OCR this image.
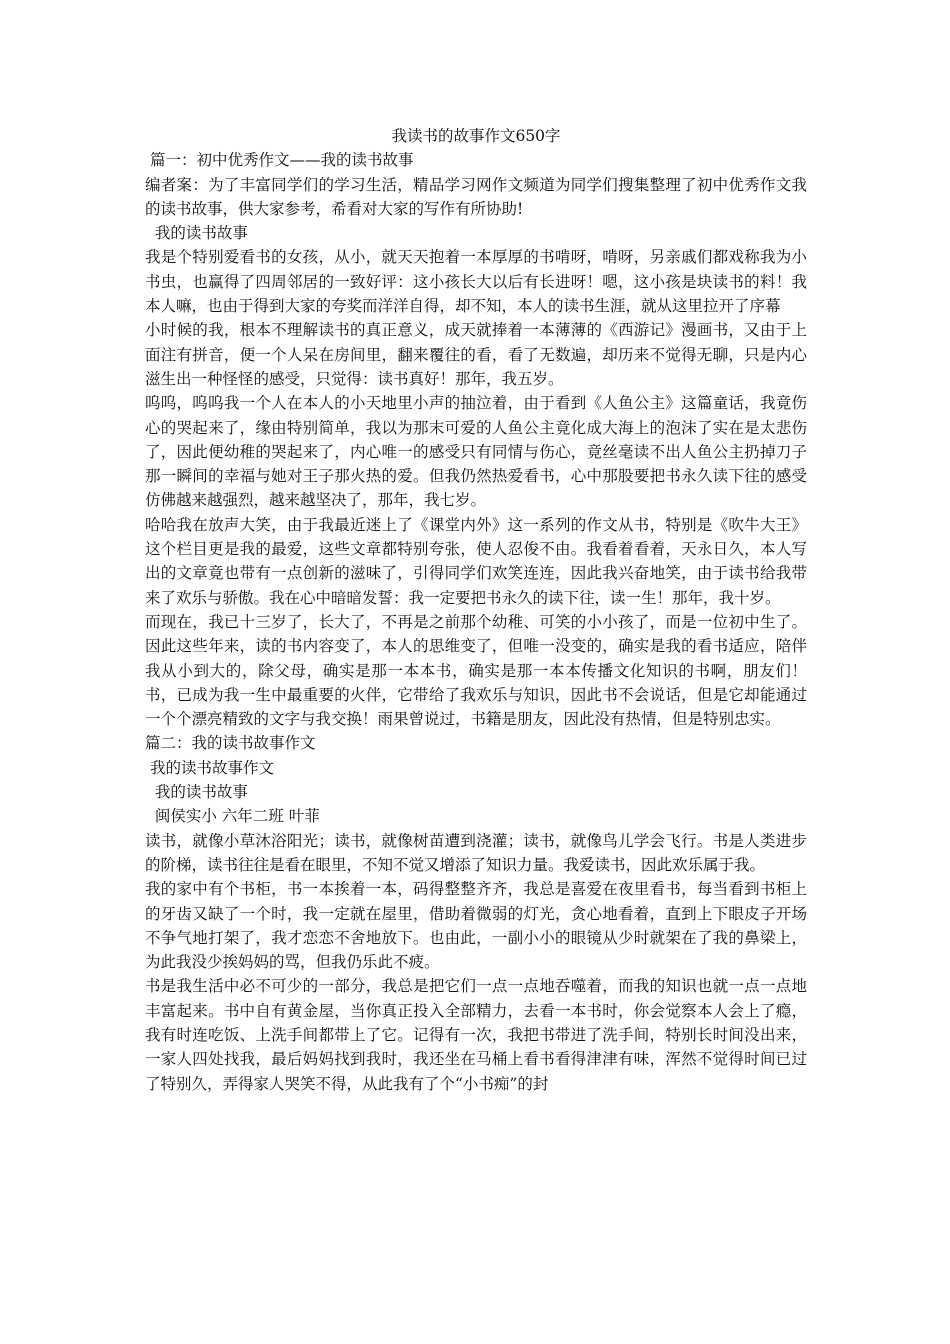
我读书的故事作文650字

篇一：初中优秀作文——我的读书故事

编者案：为了丰富同学们的学习生活，精品学习网作文频道为同学们搜集整理了初中优秀作文我的读书故事，供大家参考，希看对大家的写作有所协助!

我的读书故事

我是个特别爱看书的女孩，从小，就天天抱着一本厚厚的书啃呀，啃呀，另亲戚们都戏称我为小书虫，也赢得了四周邻居的一致好评：这小孩长大以后有长进呀！嗯，这小孩是块读书的料！我本人嘛，也由于得到大家的夸奖而洋洋自得，却不知，本人的读书生涯，就从这里拉开了序幕

小时候的我，根本不理解读书的真正意义，成天就捧着一本薄薄的《西游记》漫画书，又由于上面注有拼音，便一个人呆在房间里，翻来覆往的看，看了无数遍，却历来不觉得无聊，只是内心滋生出一种怪怪的感受，只觉得：读书真好！那年，我五岁。

呜呜，呜呜我一个人在本人的小天地里小声的抽泣着，由于看到《人鱼公主》这篇童话，我竟伤心的哭起来了，缘由特别简单，我以为那末可爱的人鱼公主竟化成大海上的泡沫了实在是太悲伤了，因此便幼稚的哭起来了，内心唯一的感受只有同情与伤心，竟丝毫读不出人鱼公主扔掉刀子那一瞬间的幸福与她对王子那火热的爱。但我仍然热爱看书，心中那股要把书永久读下往的感受仿佛越来越强烈，越来越坚决了，那年，我七岁。

哈哈我在放声大笑，由于我最近迷上了《课堂内外》这一系列的作文从书，特别是《吹牛大王》这个栏目更是我的最爱，这些文章都特别夸张，使人忍俊不由。我看着看着，天永日久，本人写出的文章竟也带有一点创新的滋味了，引得同学们欢笑连连，因此我兴奋地笑，由于读书给我带来了欢乐与骄傲。我在心中暗暗发誓：我一定要把书永久的读下往，读一生！那年，我十岁。

而现在，我已十三岁了，长大了，不再是之前那个幼稚、可笑的小小孩了，而是一位初中生了。因此这些年来，读的书内容变了，本人的思维变了，但唯一没变的，确实是我的看书适应，陪伴我从小到大的，除父母，确实是那一本本书，确实是那一本本传播文化知识的书啊，朋友们！书，已成为我一生中最重要的火伴，它带给了我欢乐与知识，因此书不会说话，但是它却能通过一个个漂亮精致的文字与我交换！雨果曾说过，书籍是朋友，因此没有热情，但是特别忠实。

篇二：我的读书故事作文

我的读书故事作文

我的读书故事

闽侯实小 六年二班 叶菲

读书，就像小草沐浴阳光；读书，就像树苗遭到浇灌；读书，就像鸟儿学会飞行。书是人类进步的阶梯，读书往往是看在眼里，不知不觉又增添了知识力量。我爱读书，因此欢乐属于我。

我的家中有个书柜，书一本挨着一本，码得整整齐齐，我总是喜爱在夜里看书，每当看到书柜上的牙齿又缺了一个时，我一定就在屋里，借助着微弱的灯光，贪心地看着，直到上下眼皮子开场不争气地打架了，我才恋恋不舍地放下。也由此，一副小小的眼镜从少时就架在了我的鼻梁上，为此我没少挨妈妈的骂，但我仍乐此不疲。

书是我生活中必不可少的一部分，我总是把它们一点一点地吞噬着，而我的知识也就一点一点地丰富起来。书中自有黄金屋，当你真正投入全部精力，去看一本书时，你会觉察本人会上了瘾，我有时连吃饭、上洗手间都带上了它。记得有一次，我把书带进了洗手间，特别长时间没出来，一家人四处找我，最后妈妈找到我时，我还坐在马桶上看书看得津津有味，浑然不觉得时间已过了特别久，弄得家人哭笑不得，从此我有了个“小书痴”的封
